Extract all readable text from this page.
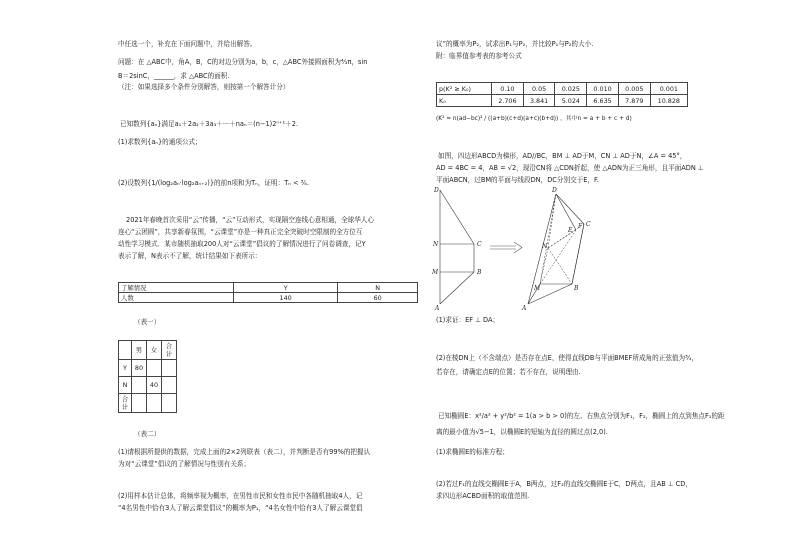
中任选一个，补充在下面问题中，并给出解答。
问题：在 △ABC中，角A，B，C的对边分别为a，b，c，△ABC外接圆面积为⁴⁄₃π，sin
B＝2sinC，______，求 △ABC的面积.
（注：如果选择多个条件分别解答，则按第一个解答计分）
已知数列{aₙ}满足a₁＋2a₂＋3a₃＋···＋naₙ＝(n−1)2ⁿ⁺¹＋2.
(1)求数列{aₙ}的通项公式；
(2)设数列{1/(log₂aₙ·log₂aₙ₊₂)}的前n项和为Tₙ，证明：Tₙ < ³⁄₄.
2021年春晚首次采用“云”传播，“云”互动形式，实现隔空连线心意相通，全球华人心
连心“云团圆”，共享新春氛围，“云课堂”亦是一种真正完全突破时空限制的全方位互
动性学习模式．某市随机抽取200人对“云课堂”倡议的了解情况进行了问卷调查，记Y
表示了解，N表示不了解，统计结果如下表所示：
了解情况	Y	N
人数	140	60
（表一）
	男	女	合计
Y	80		
N		40	
合计			
（表二）
(1)请根据所提供的数据，完成上面的2×2列联表（表二），并判断是否有99%的把握认
为对“云课堂”倡议的了解情况与性别有关系；
(2)用样本估计总体，将频率视为概率，在男性市民和女性市民中各随机抽取4人，记
“4名男性中恰有3人了解云课堂倡议”的概率为P₁，“4名女性中恰有3人了解云课堂倡
议”的概率为P₂，试求出P₁与P₂，并比较P₁与P₂的大小.
附：临界值参考表的参考公式
p(K² ≥ K₀)	0.10	0.05	0.025	0.010	0.005	0.001
K₀	2.706	3.841	5.024	6.635	7.879	10.828
(K² = n(ad−bc)² / ((a+b)(c+d)(a+c)(b+d)) ，其中n = a + b + c + d)
如图，四边形ABCD为梯形，AD//BC，BM ⊥ AD于M，CN ⊥ AD于N，∠A = 45°，
AD = 4BC = 4，AB = √2，现沿CN将 △CDN折起，使 △ADN为正三角形，且平面ADN ⊥
平面ABCN，过BM的平面与线段DN，DC分别交于E，F.
D
C
N
M	B
A
D
F
E
C
N
M	B
A
(1)求证：EF ⊥ DA；
(2)在棱DN上（不含端点）是否存在点E，使得直线DB与平面BMEF所成角的正弦值为³⁄₄，
若存在，请确定点E的位置；若不存在，说明理由.
已知椭圆E：x²/a² + y²/b² = 1(a > b > 0)的左、右焦点分别为F₁，F₂，椭圆上的点到焦点F₁的距
离的最小值为√5−1，以椭圆E的短轴为直径的圆过点(2,0).
(1)求椭圆E的标准方程；
(2)若过F₁的直线交椭圆E于A，B两点，过F₂的直线交椭圆E于C，D两点，且AB ⊥ CD，
求四边形ACBD面积的取值范围.
